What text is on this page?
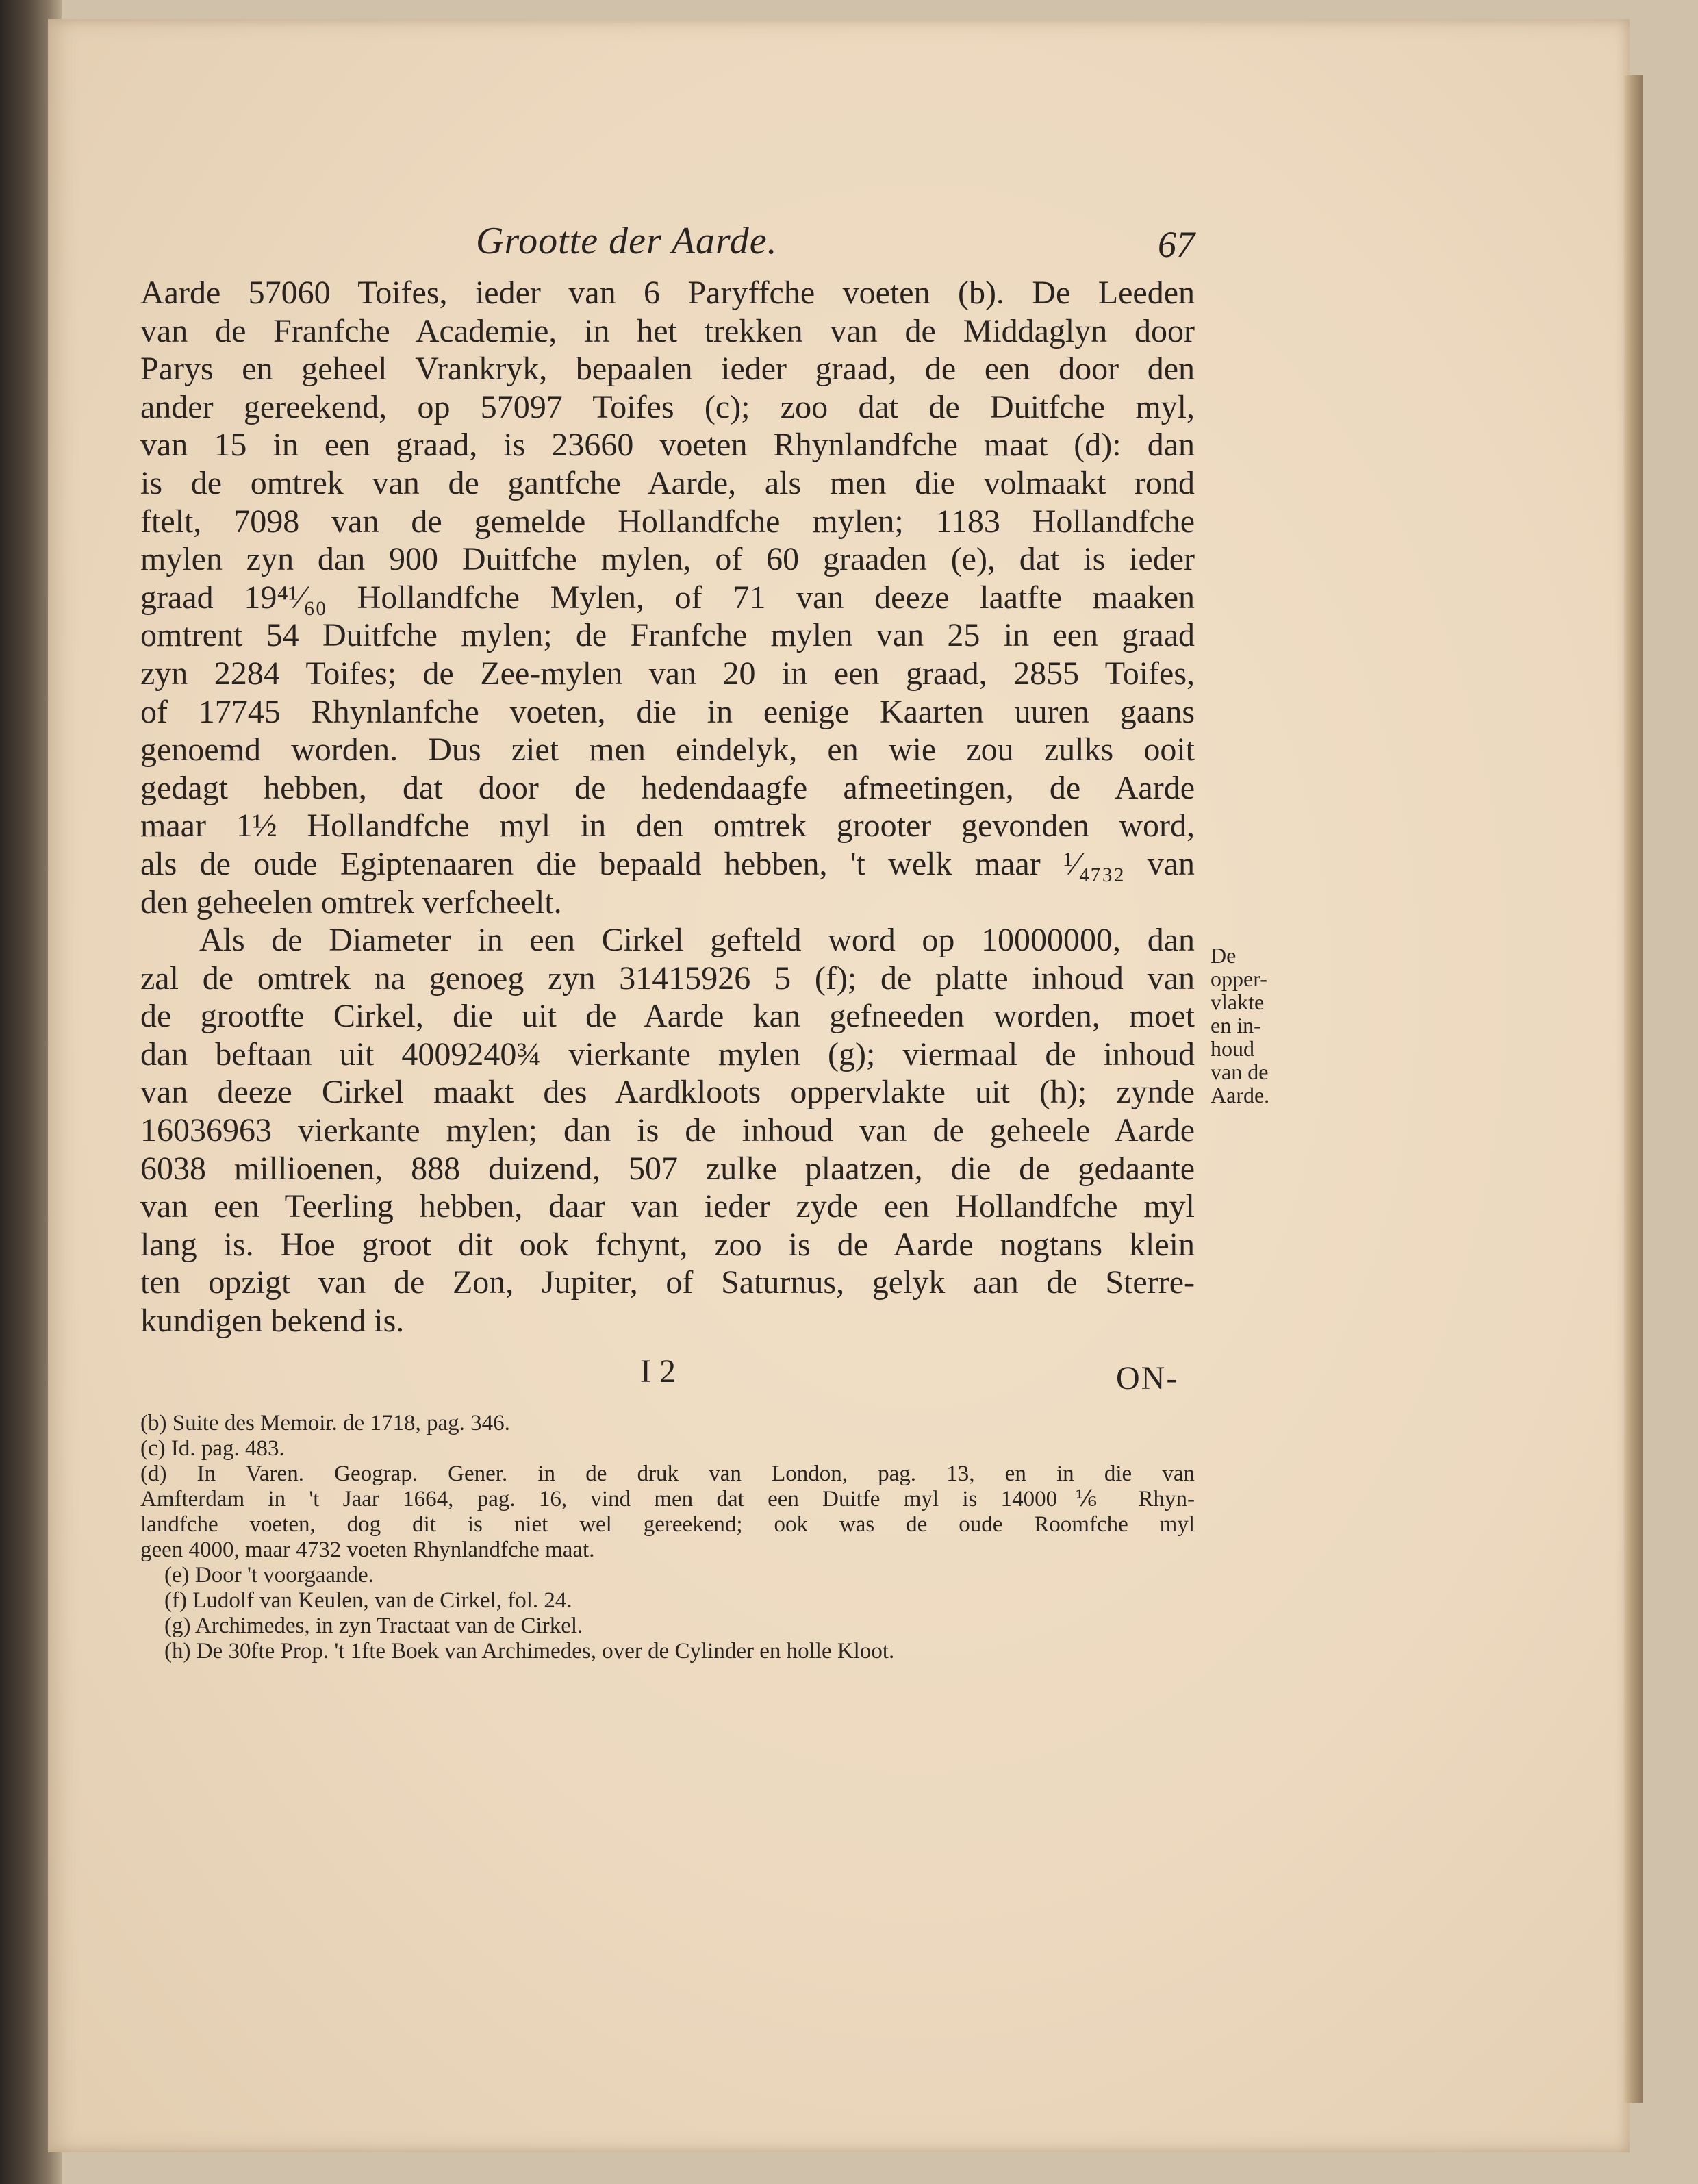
Grootte der Aarde.	67
Aarde 57060 Toifes, ieder van 6 Paryffche voeten (b). De Leeden
van de Franfche Academie, in het trekken van de Middaglyn door
Parys en geheel Vrankryk, bepaalen ieder graad, de een door den
ander gereekend, op 57097 Toifes (c); zoo dat de Duitfche myl,
van 15 in een graad, is 23660 voeten Rhynlandfche maat (d): dan
is de omtrek van de gantfche Aarde, als men die volmaakt rond
ftelt, 7098 van de gemelde Hollandfche mylen; 1183 Hollandfche
mylen zyn dan 900 Duitfche mylen, of 60 graaden (e), dat is ieder
graad 19⁴¹⁄₆₀ Hollandfche Mylen, of 71 van deeze laatfte maaken
omtrent 54 Duitfche mylen; de Franfche mylen van 25 in een graad
zyn 2284 Toifes; de Zee-mylen van 20 in een graad, 2855 Toifes,
of 17745 Rhynlanfche voeten, die in eenige Kaarten uuren gaans
genoemd worden. Dus ziet men eindelyk, en wie zou zulks ooit
gedagt hebben, dat door de hedendaagfe afmeetingen, de Aarde
maar 1½ Hollandfche myl in den omtrek grooter gevonden word,
als de oude Egiptenaaren die bepaald hebben, 't welk maar ¹⁄₄₇₃₂ van
den geheelen omtrek verfcheelt.
Als de Diameter in een Cirkel gefteld word op 10000000, dan
zal de omtrek na genoeg zyn 31415926 5 (f); de platte inhoud van
de grootfte Cirkel, die uit de Aarde kan gefneeden worden, moet
dan beftaan uit 4009240¾ vierkante mylen (g); viermaal de inhoud
van deeze Cirkel maakt des Aardkloots oppervlakte uit (h); zynde
16036963 vierkante mylen; dan is de inhoud van de geheele Aarde
6038 millioenen, 888 duizend, 507 zulke plaatzen, die de gedaante
van een Teerling hebben, daar van ieder zyde een Hollandfche myl
lang is. Hoe groot dit ook fchynt, zoo is de Aarde nogtans klein
ten opzigt van de Zon, Jupiter, of Saturnus, gelyk aan de Sterre-
kundigen bekend is.
De
opper-
vlakte
en in-
houd
van de
Aarde.
I 2	ON-
(b) Suite des Memoir. de 1718, pag. 346.
(c) Id. pag. 483.
(d) In Varen. Geograp. Gener. in de druk van London, pag. 13, en in die van
Amfterdam in 't Jaar 1664, pag. 16, vind men dat een Duitfe myl is 14000⅙ Rhyn-
landfche voeten, dog dit is niet wel gereekend; ook was de oude Roomfche myl
geen 4000, maar 4732 voeten Rhynlandfche maat.
(e) Door 't voorgaande.
(f) Ludolf van Keulen, van de Cirkel, fol. 24.
(g) Archimedes, in zyn Tractaat van de Cirkel.
(h) De 30fte Prop. 't 1fte Boek van Archimedes, over de Cylinder en holle Kloot.
